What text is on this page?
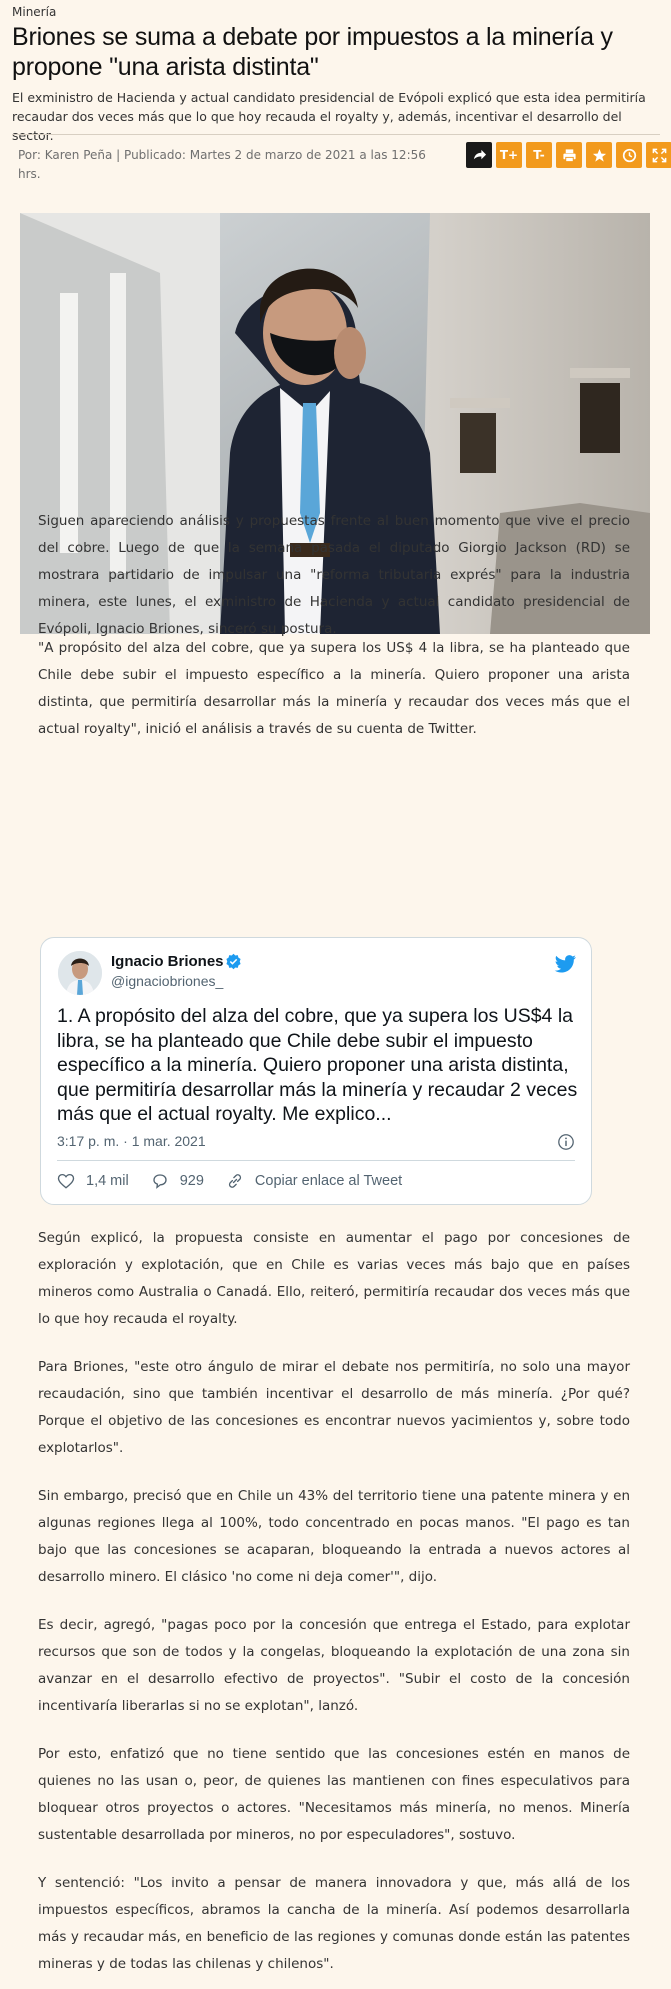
Minería
Briones se suma a debate por impuestos a la minería y propone "una arista distinta"

El exministro de Hacienda y actual candidato presidencial de Evópoli explicó que esta idea permitiría recaudar dos veces más que lo que hoy recauda el royalty y, además, incentivar el desarrollo del sector.

Por: Karen Peña | Publicado: Martes 2 de marzo de 2021 a las 12:56 hrs.
T+	T-

Siguen apareciendo análisis y propuestas frente al buen momento que vive el precio del cobre. Luego de que la semana pasada el diputado Giorgio Jackson (RD) se mostrara partidario de impulsar una "reforma tributaria exprés" para la industria minera, este lunes, el exministro de Hacienda y actual candidato presidencial de Evópoli, Ignacio Briones, sinceró su postura.

"A propósito del alza del cobre, que ya supera los US$ 4 la libra, se ha planteado que Chile debe subir el impuesto específico a la minería. Quiero proponer una arista distinta, que permitiría desarrollar más la minería y recaudar dos veces más que el actual royalty", inició el análisis a través de su cuenta de Twitter.

Ignacio Briones
@ignaciobriones_
1. A propósito del alza del cobre, que ya supera los US$4 la libra, se ha planteado que Chile debe subir el impuesto específico a la minería. Quiero proponer una arista distinta, que permitiría desarrollar más la minería y recaudar 2 veces más que el actual royalty. Me explico...
3:17 p. m. · 1 mar. 2021
1,4 mil	929	Copiar enlace al Tweet

Según explicó, la propuesta consiste en aumentar el pago por concesiones de exploración y explotación, que en Chile es varias veces más bajo que en países mineros como Australia o Canadá. Ello, reiteró, permitiría recaudar dos veces más que lo que hoy recauda el royalty.

Para Briones, "este otro ángulo de mirar el debate nos permitiría, no solo una mayor recaudación, sino que también incentivar el desarrollo de más minería. ¿Por qué? Porque el objetivo de las concesiones es encontrar nuevos yacimientos y, sobre todo explotarlos".

Sin embargo, precisó que en Chile un 43% del territorio tiene una patente minera y en algunas regiones llega al 100%, todo concentrado en pocas manos. "El pago es tan bajo que las concesiones se acaparan, bloqueando la entrada a nuevos actores al desarrollo minero. El clásico 'no come ni deja comer'", dijo.

Es decir, agregó, "pagas poco por la concesión que entrega el Estado, para explotar recursos que son de todos y la congelas, bloqueando la explotación de una zona sin avanzar en el desarrollo efectivo de proyectos". "Subir el costo de la concesión incentivaría liberarlas si no se explotan", lanzó.

Por esto, enfatizó que no tiene sentido que las concesiones estén en manos de quienes no las usan o, peor, de quienes las mantienen con fines especulativos para bloquear otros proyectos o actores. "Necesitamos más minería, no menos. Minería sustentable desarrollada por mineros, no por especuladores", sostuvo.

Y sentenció: "Los invito a pensar de manera innovadora y que, más allá de los impuestos específicos, abramos la cancha de la minería. Así podemos desarrollarla más y recaudar más, en beneficio de las regiones y comunas donde están las patentes mineras y de todas las chilenas y chilenos".
